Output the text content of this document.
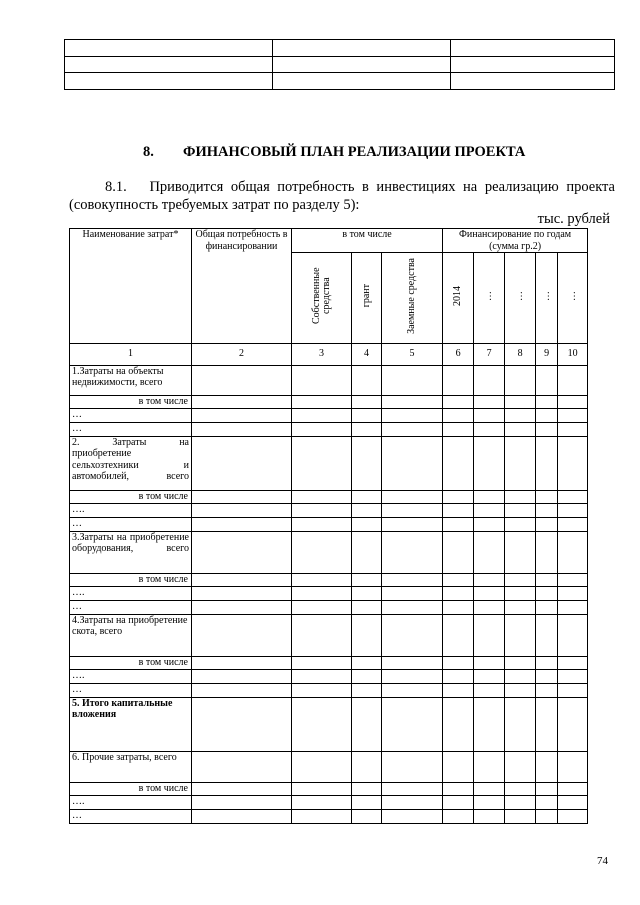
8. ФИНАНСОВЫЙ ПЛАН РЕАЛИЗАЦИИ ПРОЕКТА
8.1. Приводится общая потребность в инвестициях на реализацию проекта (совокупность требуемых затрат по разделу 5):
тыс. рублей
Наименование затрат*	Общая потребность в финансировании	в том числе			Финансирование по годам (сумма гр.2)				
		Собственные средства	грант	Заемные средства	2014	…	…	…	…
1	2	3	4	5	6	7	8	9	10
1.Затраты на объекты недвижимости, всего									
в том числе									
…									
…									
2. Затраты на приобретение сельхозтехники и автомобилей, всего									
в том числе									
….									
…									
3.Затраты на приобретение оборудования, всего									
в том числе									
….									
…									
4.Затраты на приобретение скота, всего									
в том числе									
….									
…									
5. Итого капитальные вложения									
6. Прочие затраты, всего									
в том числе									
….									
…									
74
